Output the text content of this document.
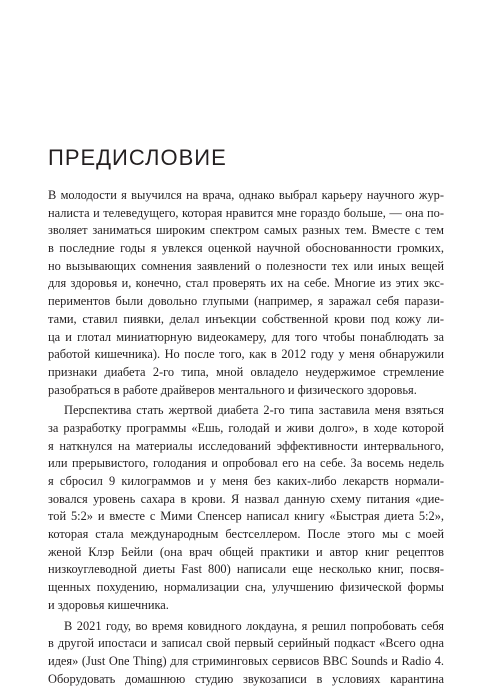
ПРЕДИСЛОВИЕ
В молодости я выучился на врача, однако выбрал карьеру научного жур-
налиста и телеведущего, которая нравится мне гораздо больше, — она по-
зволяет заниматься широким спектром самых разных тем. Вместе с тем
в последние годы я увлекся оценкой научной обоснованности громких,
но вызывающих сомнения заявлений о полезности тех или иных вещей
для здоровья и, конечно, стал проверять их на себе. Многие из этих экс-
периментов были довольно глупыми (например, я заражал себя парази-
тами, ставил пиявки, делал инъекции собственной крови под кожу ли-
ца и глотал миниатюрную видеокамеру, для того чтобы понаблюдать за
работой кишечника). Но после того, как в 2012 году у меня обнаружили
признаки диабета 2-го типа, мной овладело неудержимое стремление
разобраться в работе драйверов ментального и физического здоровья.
Перспектива стать жертвой диабета 2-го типа заставила меня взяться
за разработку программы «Ешь, голодай и живи долго», в ходе которой
я наткнулся на материалы исследований эффективности интервального,
или прерывистого, голодания и опробовал его на себе. За восемь недель
я сбросил 9 килограммов и у меня без каких-либо лекарств нормали-
зовался уровень сахара в крови. Я назвал данную схему питания «дие-
той 5:2» и вместе с Мими Спенсер написал книгу «Быстрая диета 5:2»,
которая стала международным бестселлером. После этого мы с моей
женой Клэр Бейли (она врач общей практики и автор книг рецептов
низкоуглеводной диеты Fast 800) написали еще несколько книг, посвя-
щенных похудению, нормализации сна, улучшению физической формы
и здоровья кишечника.
В 2021 году, во время ковидного локдауна, я решил попробовать себя
в другой ипостаси и записал свой первый серийный подкаст «Всего одна
идея» (Just One Thing) для стриминговых сервисов BBC Sounds и Radio 4.
Оборудовать домашнюю студию звукозаписи в условиях карантина
